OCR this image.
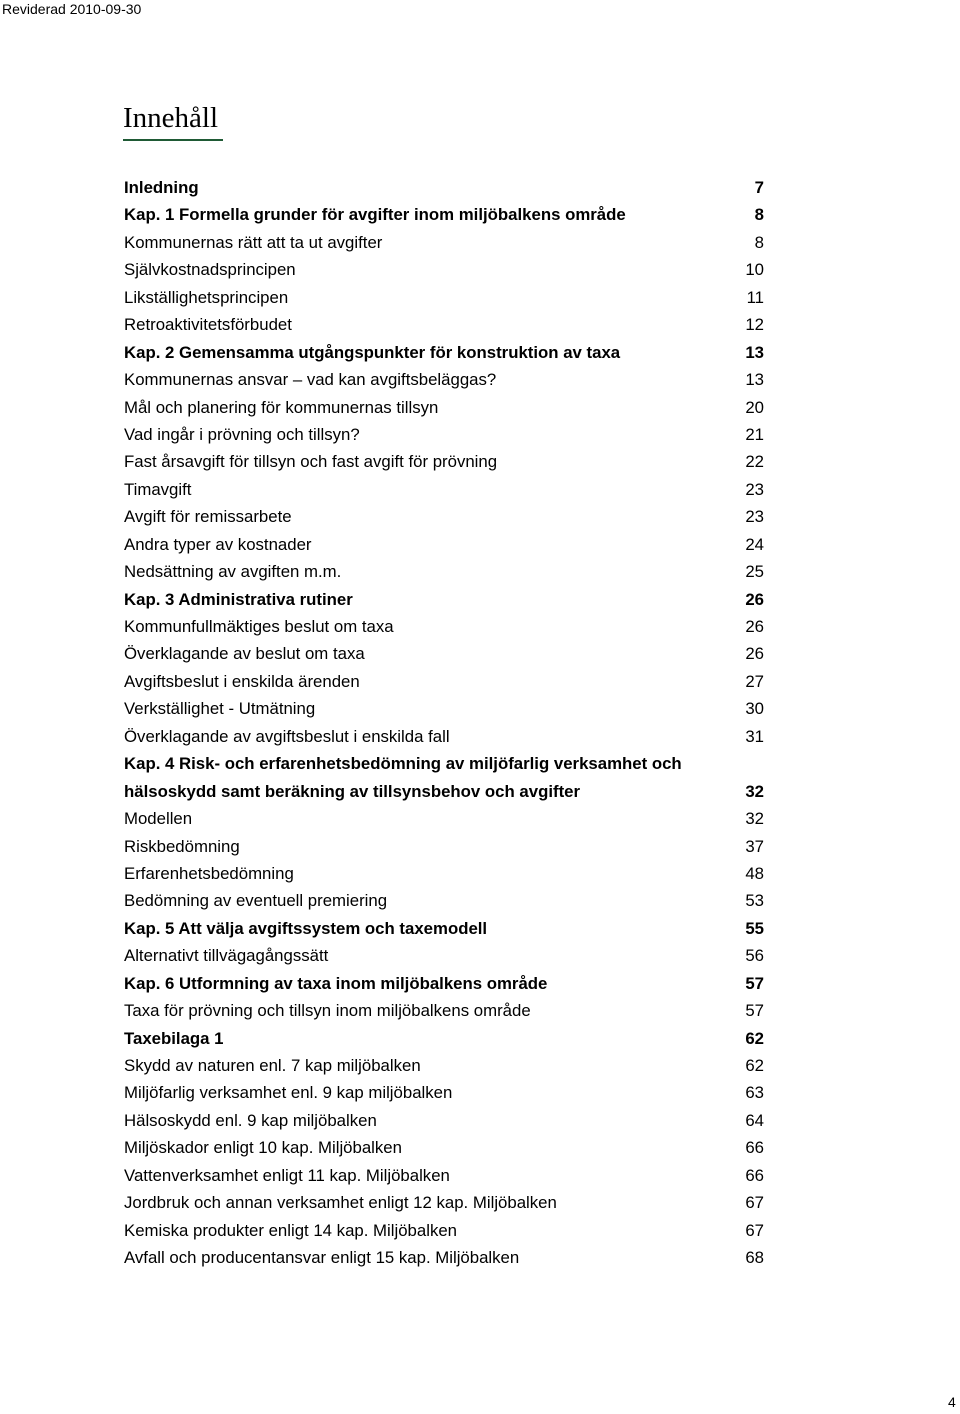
Reviderad 2010-09-30
Innehåll
Inledning .....	7
Kap. 1 Formella grunder för avgifter inom miljöbalkens område .....	8
Kommunernas rätt att ta ut avgifter .....	8
Självkostnadsprincipen .....	10
Likställighetsprincipen .....	11
Retroaktivitetsförbudet .....	12
Kap. 2 Gemensamma utgångspunkter för konstruktion av taxa .....	13
Kommunernas ansvar – vad kan avgiftsbeläggas? .....	13
Mål och planering för kommunernas tillsyn .....	20
Vad ingår i prövning och tillsyn? .....	21
Fast årsavgift för tillsyn och fast avgift för prövning .....	22
Timavgift .....	23
Avgift för remissarbete .....	23
Andra typer av kostnader .....	24
Nedsättning av avgiften m.m. .....	25
Kap. 3 Administrativa rutiner .....	26
Kommunfullmäktiges beslut om taxa .....	26
Överklagande av beslut om taxa .....	26
Avgiftsbeslut i enskilda ärenden .....	27
Verkställighet - Utmätning .....	30
Överklagande av avgiftsbeslut i enskilda fall .....	31
Kap. 4 Risk- och erfarenhetsbedömning av miljöfarlig verksamhet och
hälsoskydd samt beräkning av tillsynsbehov och avgifter .....	32
Modellen .....	32
Riskbedömning .....	37
Erfarenhetsbedömning .....	48
Bedömning av eventuell premiering .....	53
Kap. 5 Att välja avgiftssystem och taxemodell .....	55
Alternativt tillvägagångssätt .....	56
Kap. 6 Utformning av taxa inom miljöbalkens område .....	57
Taxa för prövning och tillsyn inom miljöbalkens område .....	57
Taxebilaga 1 .....	62
Skydd av naturen enl. 7 kap miljöbalken .....	62
Miljöfarlig verksamhet enl. 9 kap miljöbalken .....	63
Hälsoskydd enl. 9 kap miljöbalken .....	64
Miljöskador enligt 10 kap. Miljöbalken .....	66
Vattenverksamhet enligt 11 kap. Miljöbalken .....	66
Jordbruk och annan verksamhet enligt 12 kap. Miljöbalken .....	67
Kemiska produkter enligt 14 kap. Miljöbalken .....	67
Avfall och producentansvar enligt 15 kap. Miljöbalken .....	68
4
